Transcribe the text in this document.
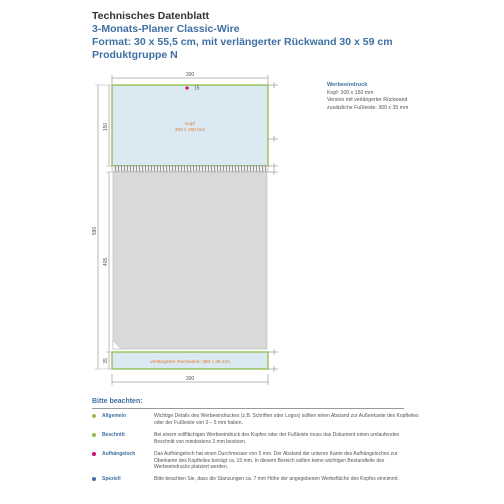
Technisches Datenblatt
3-Monats-Planer Classic-Wire
Format: 30 x 55,5 cm, mit verlängerter Rückwand 30 x 59 cm
Produktgruppe N
300
15
Kopf
300 x 150 mm
verlängerter Rückwand: 300 x 35 mm
300
590
150
405
35
Werbeeindruck
Kopf: 300 x 150 mm
Version mit verlängerter Rückwand
zusätzliche Fußleiste: 300 x 35 mm
Bitte beachten:
Allgemein	Wichtige Details des Werbeeindruckes (z.B. Schriften oder Logos) sollten einen Abstand zur Außenkante des Kopfteiles oder der Fußleiste von 3 – 5 mm haben.
Beschnitt	Bei einem vollflächigen Werbeeindruck des Kopfes oder der Fußleiste muss das Dokument einen umlaufenden Beschnitt von mindestens 3 mm besitzen.
Aufhängeloch	Das Aufhängeloch hat einen Durchmesser von 5 mm. Der Abstand der unteren Kante des Aufhängeloches zur Oberkante des Kopfteiles beträgt ca. 15 mm. In diesem Bereich sollten keine wichtigen Bestandteile des Werbeeindrucks platziert werden.
Speziell	Bitte beachten Sie, dass die Stanzungen ca. 7 mm Höhe der angegebenen Werbefläche des Kopfes einnimmt.
